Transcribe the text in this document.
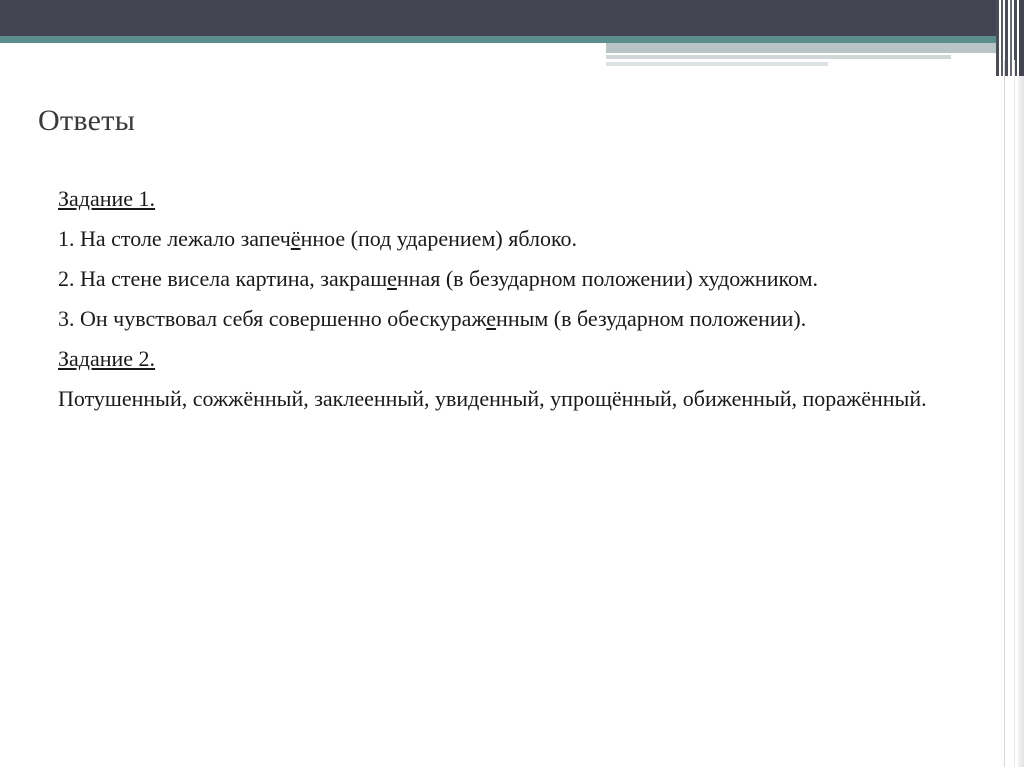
Ответы

Задание 1.

1. На столе лежало запечённое (под ударением) яблоко.

2. На стене висела картина, закрашенная (в безударном положении) художником.

3. Он чувствовал себя совершенно обескураженным (в безударном положении).

Задание 2.

Потушенный, сожжённый, заклеенный, увиденный, упрощённый, обиженный, поражённый.
